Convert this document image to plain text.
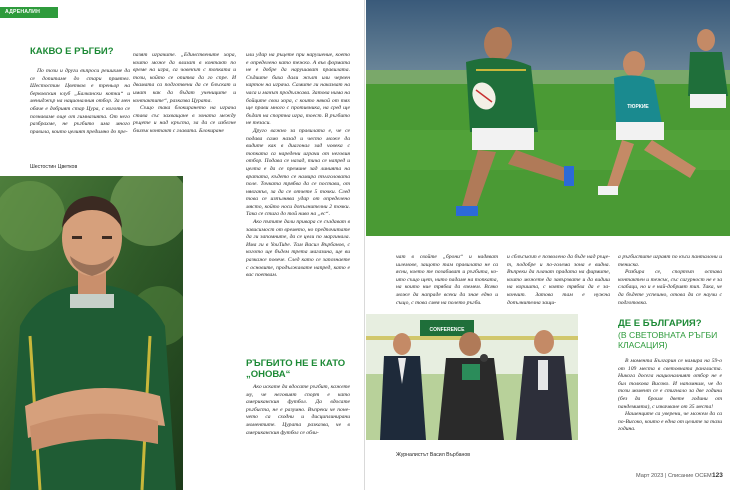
АДРЕНАЛИН
КАКВО Е РЪГБИ?

По този и други въпроси решихме да се допитаме до стари приятел. Шестостин Цветков е треньор на берковския клуб „Балкански котки“ и мениджър на националния отбор. За мен обаче е добрият стар Цура, с когото се познаваме още от гимназията. От него разбрахме, не ръгбито има много правила, които целият предимно до пре-

Шестостин Цветков

пазят играчите. „Единствените хора, които може да влизат в контакт по време на игра, са човекът с топката и този, който се опитва да го спре. И двамата са подготвени да се блъскат и имат как да бъдат учениците и контактите“, разказва Цурата.

Също така блокирането на играча става със захващане в зоната между ръцете и над кръста, за да се избегне близък контакт с главата. Блокиране

или удар на ръцете при нарушение, което е определено като тежко. А във формата не е добре да нарушават правилата. Съдиите биха дали жълт или червен картон на играча. Самите ги наказват на часа и мачът продължава. Затова нима на бойците свои хора, с които някой от тях ще прави много с противника, на сред ще бъдат на спортна игра, тоест. В ръгбито не тезаси.

Друго важно за правилата е, че се подава само назад и често може да видите как в диагонал зад човека с топката са наредени играчи от неговия отбор. Подава се назад, тича се напред и целта е да се премине зад линията на вратата, където се намира тъчголовата поле. Точката трябва да се постави, от нявгакъв, за да се отчете 5 точки. След това се изпълнява удар от определено място, който носи допълнителни 2 точки. Така се стига до той ниво на „ес“.

Ако пътите дали привара се създават в зависимост от времето, но предпочитате да ги запомните, да се цели по маргинала. Има ги в YouTube. Там Васил Върбанов, с когото ще бъдем трета магазина, ще ви разкаже повече. След като се запознаете с основите, продължавате напред, като е вас поетвам.

РЪГБИТО НЕ Е КАТО „ОНОВА“

Ако искате да вдосате ръгбит, кажете му, че неговият спорт е като американския футбол. Да вдосате ръгбиста, не е разумно. Въпреки че понечето са сходни и дисциплинирани моментите. Цурата разказва, че в американския футбол се обли-

ТЮРКИЕ

чат в свойте „брони“ и надяват шлемове, защото там правилата не са ясни, което те позабиват и ръгбита, които също щет, нито падаме на топката, на които ние трябва да вземем. Всяко може да напраде всеки да знае едно и също, с това смея на полето ръгби.

и сблъсъкът е позволено да бъде над ръцет, подобре и по-голема зона е видна. Въпреки да плачат прадата на фирмите, които можете да завързвате и да видиш на коришта, с която трябва да е закончит. Затова там е нужна допълнителна защи-

CONFERENCE
Журналистът Васил Върбанов

а ръгбистите играят по къси панталони и тениска.

Разбира се, спортът остава контактен и тежък, със сигурност не е за слабаци, но и е най-добрият тип. Така, че да бъдете успешно, отова да се научи с подготовка.

ДЕ Е БЪЛГАРИЯ?
(В СВЕТОВНАТА РЪГБИ КЛАСАЦИЯ)

В момента България се намира на 59-о от 109 места в световната ранглиста. Никога досега националният отбор не е бил толкова Високо. И напомним, че до този момент се е стигнало за две години (без да броим двете години от пандемията), с изкачване от 35 места!

Нашенците са уверени, че можем да са по-Високо, които е една от целите за тази година.

Март 2023 | Списание ОСЕМ 123
